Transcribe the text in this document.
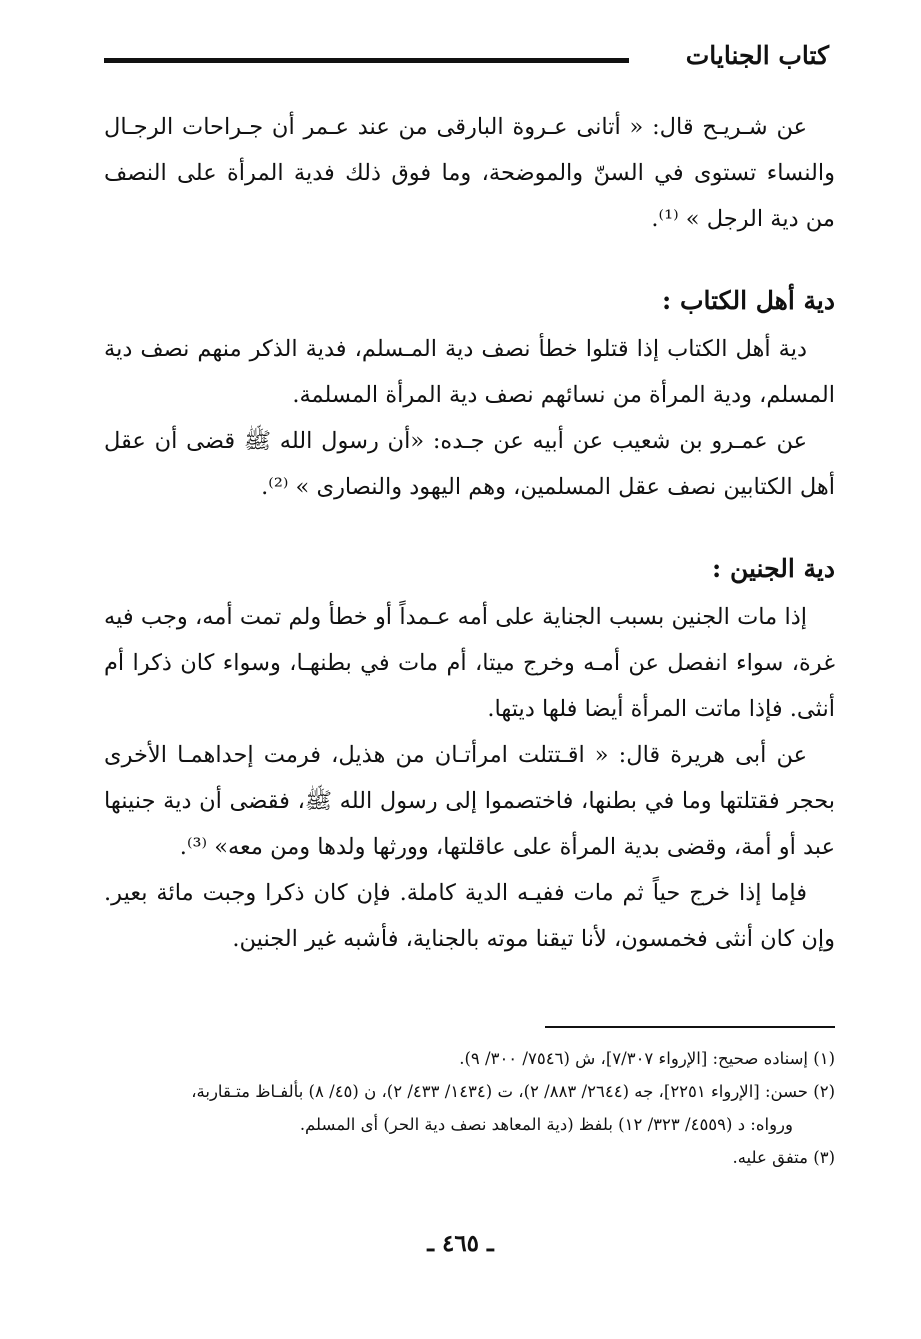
كتاب الجنايات

عن شـريـح قال: « أتانى عـروة البارقى من عند عـمر أن جـراحات الرجـال والنساء تستوى في السنّ والموضحة، وما فوق ذلك فدية المرأة على النصف من دية الرجل » ⁽¹⁾.

دية أهل الكتاب :

دية أهل الكتاب إذا قتلوا خطأ نصف دية المـسلم، فدية الذكر منهم نصف دية المسلم، ودية المرأة من نسائهم نصف دية المرأة المسلمة.

عن عمـرو بن شعيب عن أبيه عن جـده: «أن رسول الله ﷺ قضى أن عقل أهل الكتابين نصف عقل المسلمين، وهم اليهود والنصارى » ⁽²⁾.

دية الجنين :

إذا مات الجنين بسبب الجناية على أمه عـمداً أو خطأ ولم تمت أمه، وجب فيه غرة، سواء انفصل عن أمـه وخرج ميتا، أم مات في بطنهـا، وسواء كان ذكرا أم أنثى. فإذا ماتت المرأة أيضا فلها ديتها.

عن أبى هريرة قال: « اقـتتلت امرأتـان من هذيل، فرمت إحداهمـا الأخرى بحجر فقتلتها وما في بطنها، فاختصموا إلى رسول الله ﷺ، فقضى أن دية جنينها عبد أو أمة، وقضى بدية المرأة على عاقلتها، وورثها ولدها ومن معه» ⁽³⁾.

فإما إذا خرج حياً ثم مات ففيـه الدية كاملة. فإن كان ذكرا وجبت مائة بعير. وإن كان أنثى فخمسون، لأنا تيقنا موته بالجناية، فأشبه غير الجنين.

(١) إسناده صحيح: [الإرواء ٧/٣٠٧]، ش (٧٥٤٦/ ٣٠٠/ ٩).

(٢) حسن: [الإرواء ٢٢٥١]، جه (٢٦٤٤/ ٨٨٣/ ٢)، ت (١٤٣٤/ ٤٣٣/ ٢)، ن (٤٥/ ٨) بألفـاظ متـقاربة،

ورواه: د (٤٥٥٩/ ٣٢٣/ ١٢) بلفظ (دية المعاهد نصف دية الحر) أى المسلم.

(٣) متفق عليه.

ـ ٤٦٥ ـ
